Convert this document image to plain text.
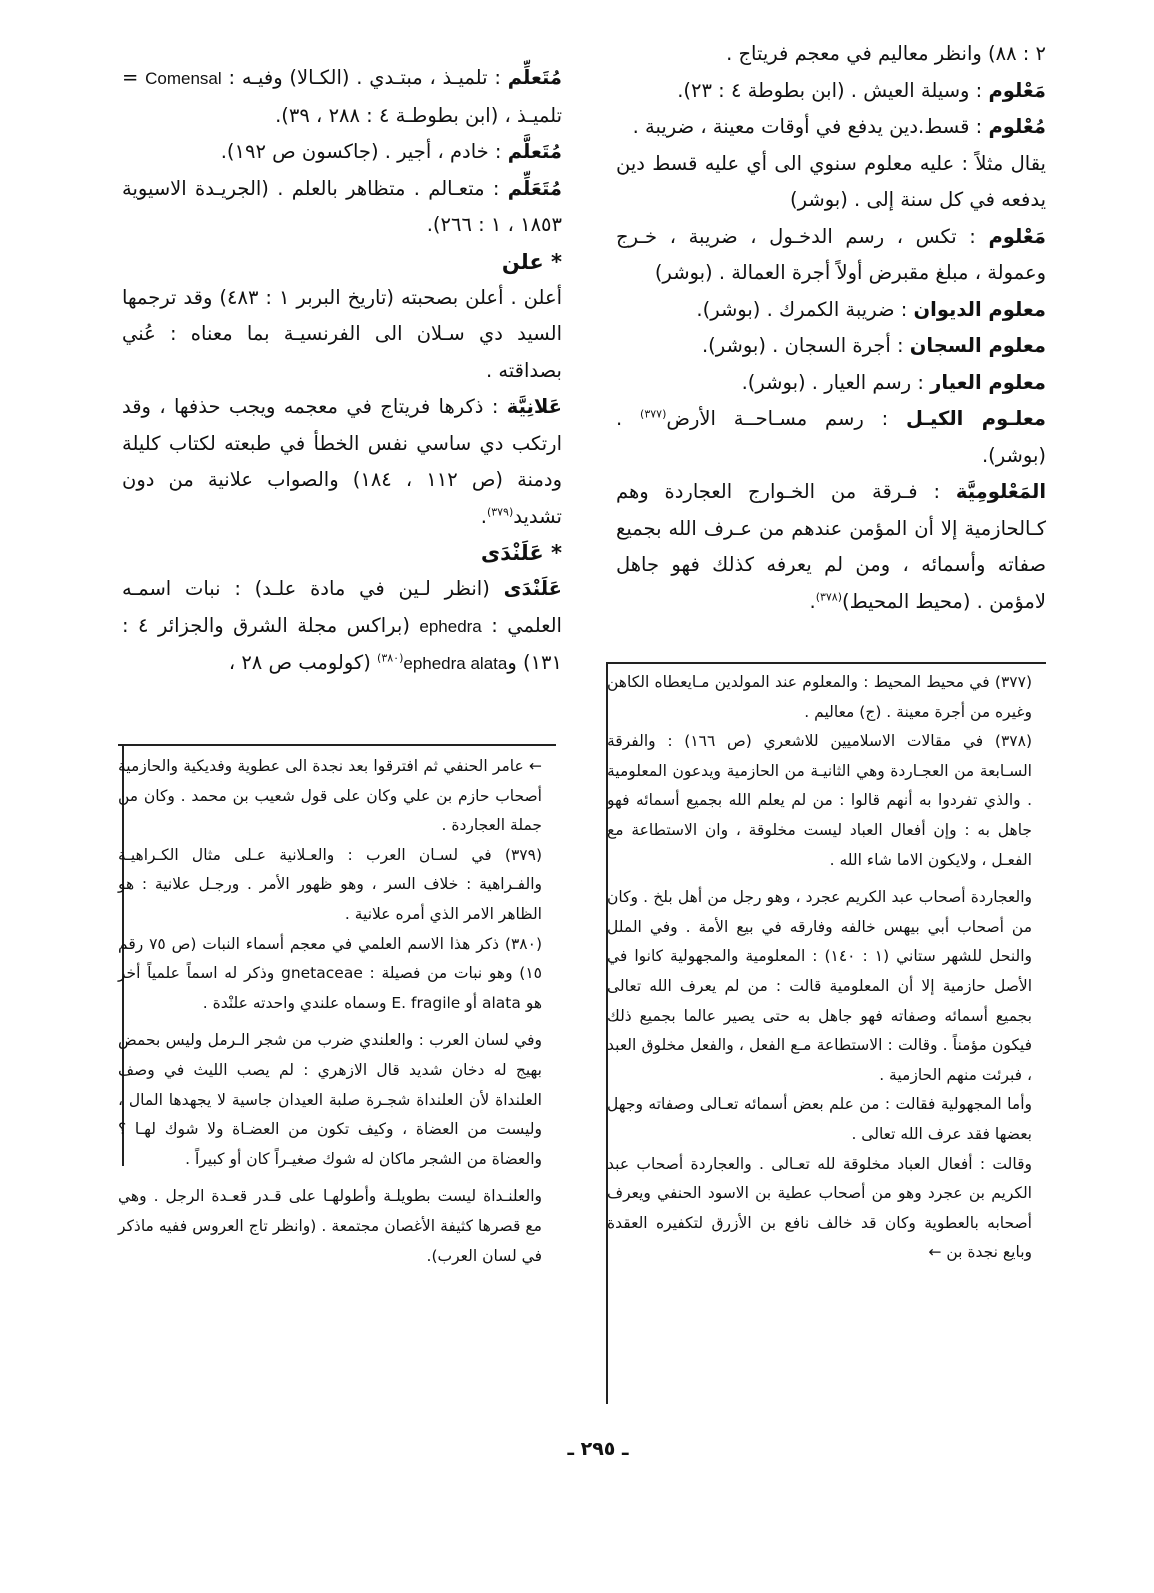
٢ : ٨٨) وانظر معاليم في معجم فريتاج .

مَعْلوم : وسيلة العيش . (ابن بطوطة ٤ : ٢٣).

مُعْلوم : قسط.دين يدفع في أوقات معينة ، ضريبة .

يقال مثلاً : عليه معلوم سنوي الى أي عليه قسط دين يدفعه في كل سنة إلى . (بوشر)

مَعْلوم : تكس ، رسم الدخـول ، ضريبة ، خـرج وعمولة ، مبلغ مقبرض أولاً أجرة العمالة . (بوشر)

معلوم الديوان : ضريبة الكمرك . (بوشر).

معلوم السجان : أجرة السجان . (بوشر).

معلوم العيار : رسم العيار . (بوشر).

معلـوم الكيـل : رسم مسـاحــة الأرض$^{(٣٧٧)}$ . (بوشر).

المَعْلومِيَّة : فـرقة من الخـوارج العجاردة وهم كـالحازمية إلا أن المؤمن عندهم من عـرف الله بجميع صفاته وأسمائه ، ومن لم يعرفه كذلك فهو جاهل لامؤمن . (محيط المحيط)$^{(٣٧٨)}$.

مُتَعلِّم : تلميـذ ، مبتـدي . (الكـالا) وفيـه : Comensal = تلميـذ ، (ابن بطوطـة ٤ : ٢٨٨ ، ٣٩).

مُتَعلَّم : خادم ، أجير . (جاكسون ص ١٩٢).

مُتَعَلِّم : متعـالم . متظاهر بالعلم . (الجريـدة الاسيوية ١٨٥٣ ، ١ : ٢٦٦).

* علن

أعلن . أعلن بصحبته (تاريخ البربر ١ : ٤٨٣) وقد ترجمها السيد دي سـلان الى الفرنسيـة بما معناه : عُني بصداقته .

عَلانِيَّة : ذكرها فريتاج في معجمه ويجب حذفها ، وقد ارتكب دي ساسي نفس الخطأ في طبعته لكتاب كليلة ودمنة (ص ١١٢ ، ١٨٤) والصواب علانية من دون تشديد$^{(٣٧٩)}$.

* عَلَنْدَى

عَلَنْدَى (انظر لـين في مادة علـد) : نبات اسمـه العلمي : ephedra (براكس مجلة الشرق والجزائر ٤ : ١٣١) وephedra alata$^{(٣٨٠)}$ (كولومب ص ٢٨ ،

(٣٧٧) في محيط المحيط : والمعلوم عند المولدين مـايعطاه الكاهن وغيره من أجرة معينة . (ج) معاليم .

(٣٧٨) في مقالات الاسلاميين للاشعري (ص ١٦٦) : والفرقة السـابعة من العجـاردة وهي الثانيـة من الحازمية ويدعون المعلومية . والذي تفردوا به أنهم قالوا : من لم يعلم الله بجميع أسمائه فهو جاهل به : وإن أفعال العباد ليست مخلوقة ، وان الاستطاعة مع الفعـل ، ولايكون الاما شاء الله .

والعجاردة أصحاب عبد الكريم عجرد ، وهو رجل من أهل بلخ . وكان من أصحاب أبي بيهس خالفه وفارقه في بيع الأمة . وفي الملل والنحل للشهر ستاني (١ : ١٤٠) : المعلومية والمجهولية كانوا في الأصل حازمية إلا أن المعلومية قالت : من لم يعرف الله تعالى بجميع أسمائه وصفاته فهو جاهل به حتى يصير عالما بجميع ذلك فيكون مؤمناً . وقالت : الاستطاعة مـع الفعل ، والفعل مخلوق العبد ، فبرئت منهم الحازمية .

وأما المجهولية فقالت : من علم بعض أسمائه تعـالى وصفاته وجهل بعضها فقد عرف الله تعالى .

وقالت : أفعال العباد مخلوقة لله تعـالى . والعجاردة أصحاب عبد الكريم بن عجرد وهو من أصحاب عطية بن الاسود الحنفي ويعرف أصحابه بالعطوية وكان قد خالف نافع بن الأزرق لتكفيره العقدة وبايع نجدة بن ←

← عامر الحنفي ثم افترقوا بعد نجدة الى عطوية وفديكية والحازمية أصحاب حازم بن علي وكان على قول شعيب بن محمد . وكان من جملة العجاردة .

(٣٧٩) في لسـان العرب : والعـلانية عـلى مثال الكـراهيـة والفـراهية : خلاف السر ، وهو ظهور الأمر . ورجـل علانية : هو الظاهر الامر الذي أمره علانية .

(٣٨٠) ذكر هذا الاسم العلمي في معجم أسماء النبات (ص ٧٥ رقم ١٥) وهو نبات من فصيلة : gnetaceae وذكر له اسماً علمياً أخر هو alata أو E. fragile وسماه علندي واحدته علنْدة .

وفي لسان العرب : والعلندي ضرب من شجر الـرمل وليس بحمض بهيج له دخان شديد قال الازهري : لم يصب الليث في وصف العلنداة لأن العلنداة شجـرة صلبة العيدان جاسية لا يجهدها المال ، وليست من العضاة ، وكيف تكون من العضـاة ولا شوك لهـا ؟ والعضاة من الشجر ماكان له شوك صغيـراً كان أو كبيراً .

والعلنـداة ليست بطويلـة وأطولهـا على قـدر قعـدة الرجل . وهي مع قصرها كثيفة الأغصان مجتمعة . (وانظر تاج العروس ففيه ماذكر في لسان العرب).

ـ ٢٩٥ ـ
